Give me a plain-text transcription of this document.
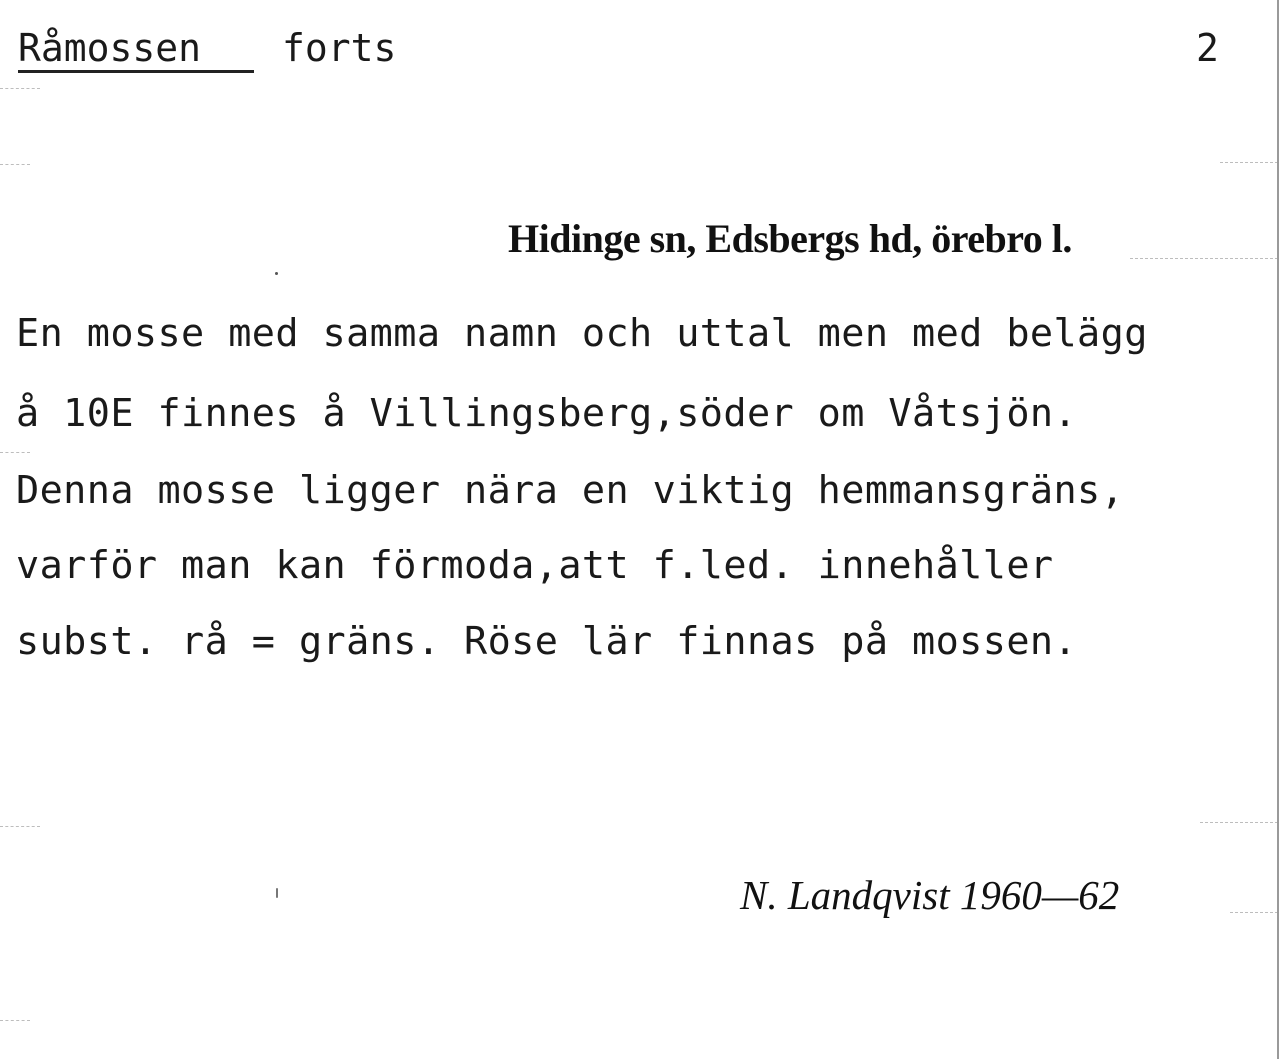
Råmossen	forts	2
Hidinge sn, Edsbergs hd, örebro l.
En mosse med samma namn och uttal men med belägg
å 10E finnes å Villingsberg,söder om Våtsjön.
Denna mosse ligger nära en viktig hemmansgräns,
varför man kan förmoda,att f.led. innehåller
subst. rå = gräns. Röse lär finnas på mossen.
N. Landqvist 1960—62
